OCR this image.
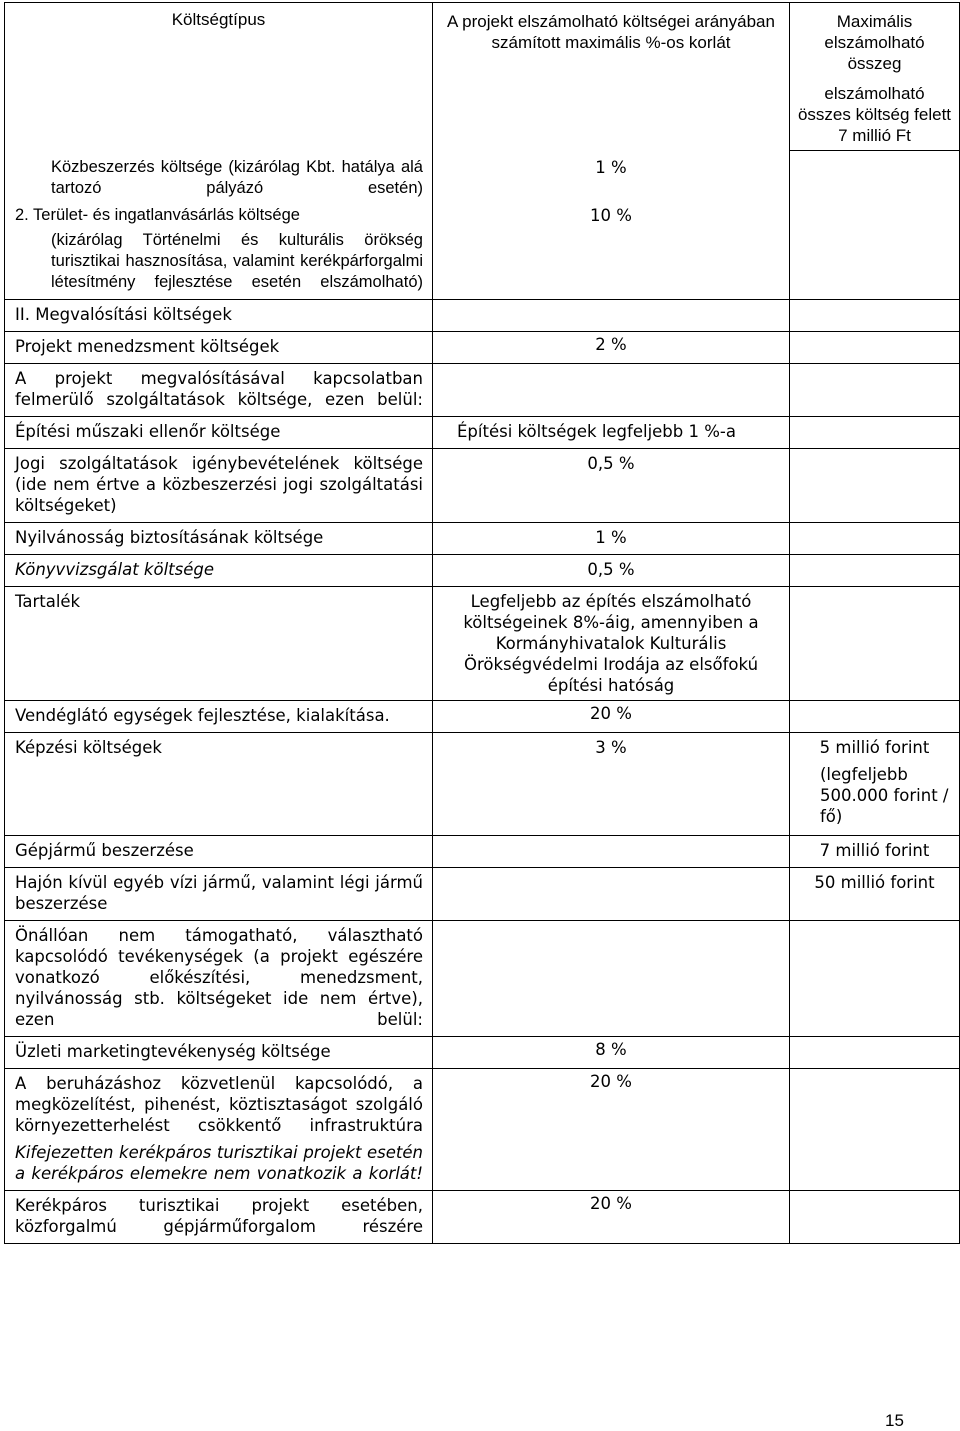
Költségtípus	A projekt elszámolható költségei arányában számított maximális %-os korlát	Maximális elszámolható összeg

		elszámolható összes költség felett 7 millió Ft

Közbeszerzés költsége (kizárólag Kbt. hatálya alá tartozó pályázó esetén)	1 %	

2. Terület- és ingatlanvásárlás költsége
(kizárólag Történelmi és kulturális örökség turisztikai hasznosítása, valamint kerékpárforgalmi létesítmény fejlesztése esetén elszámolható)	10 %	

II. Megvalósítási költségek		

Projekt menedzsment költségek	2 %	

A projekt megvalósításával kapcsolatban felmerülő szolgáltatások költsége, ezen belül:		

Építési műszaki ellenőr költsége	Építési költségek legfeljebb 1 %-a	

Jogi szolgáltatások igénybevételének költsége (ide nem értve a közbeszerzési jogi szolgáltatási költségeket)	0,5 %	

Nyilvánosság biztosításának költsége	1 %	

Könyvvizsgálat költsége	0,5 %	

Tartalék	Legfeljebb az építés elszámolható költségeinek 8%-áig, amennyiben a Kormányhivatalok Kulturális Örökségvédelmi Irodája az elsőfokú építési hatóság	

Vendéglátó egységek fejlesztése, kialakítása.	20 %	

Képzési költségek	3 %	5 millió forint
(legfeljebb 500.000 forint / fő)

Gépjármű beszerzése		7 millió forint

Hajón kívül egyéb vízi jármű, valamint légi jármű beszerzése		50 millió forint

Önállóan nem támogatható, választható kapcsolódó tevékenységek (a projekt egészére vonatkozó előkészítési, menedzsment, nyilvánosság stb. költségeket ide nem értve), ezen belül:		

Üzleti marketingtevékenység költsége	8 %	

A beruházáshoz közvetlenül kapcsolódó, a megközelítést, pihenést, köztisztaságot szolgáló környezetterhelést csökkentő infrastruktúra
Kifejezetten kerékpáros turisztikai projekt esetén a kerékpáros elemekre nem vonatkozik a korlát!	20 %	

Kerékpáros turisztikai projekt esetében, közforgalmú gépjárműforgalom részére	20 %	

15
